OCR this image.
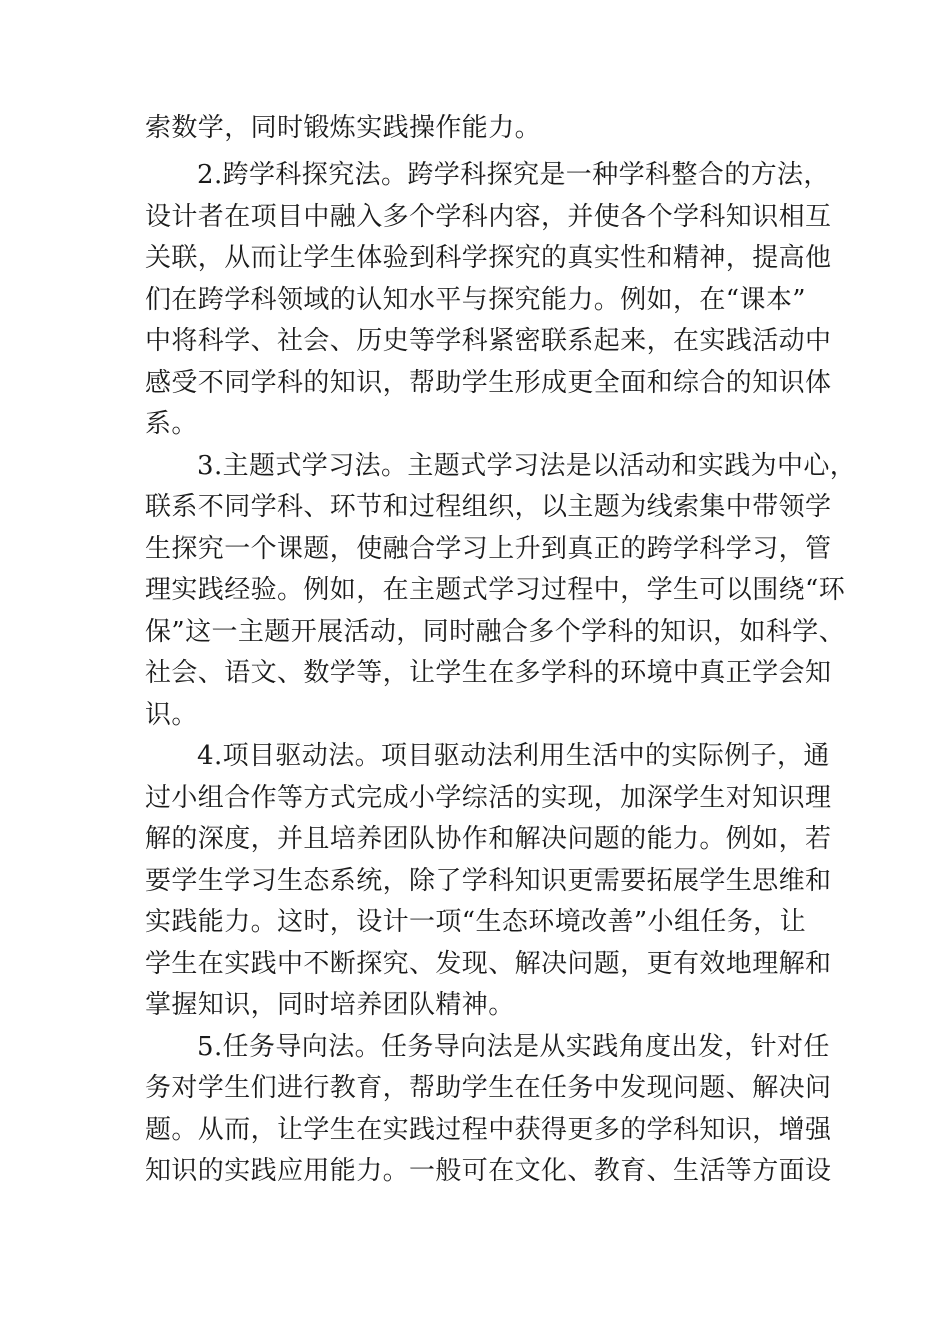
索数学，同时锻炼实践操作能力。
2.跨学科探究法。跨学科探究是一种学科整合的方法，
设计者在项目中融入多个学科内容，并使各个学科知识相互
关联，从而让学生体验到科学探究的真实性和精神，提高他
们在跨学科领域的认知水平与探究能力。例如，在“课本”
中将科学、社会、历史等学科紧密联系起来，在实践活动中
感受不同学科的知识，帮助学生形成更全面和综合的知识体
系。
3.主题式学习法。主题式学习法是以活动和实践为中心，
联系不同学科、环节和过程组织，以主题为线索集中带领学
生探究一个课题，使融合学习上升到真正的跨学科学习，管
理实践经验。例如，在主题式学习过程中，学生可以围绕“环
保”这一主题开展活动，同时融合多个学科的知识，如科学、
社会、语文、数学等，让学生在多学科的环境中真正学会知
识。
4.项目驱动法。项目驱动法利用生活中的实际例子，通
过小组合作等方式完成小学综活的实现，加深学生对知识理
解的深度，并且培养团队协作和解决问题的能力。例如，若
要学生学习生态系统，除了学科知识更需要拓展学生思维和
实践能力。这时，设计一项“生态环境改善”小组任务，让
学生在实践中不断探究、发现、解决问题，更有效地理解和
掌握知识，同时培养团队精神。
5.任务导向法。任务导向法是从实践角度出发，针对任
务对学生们进行教育，帮助学生在任务中发现问题、解决问
题。从而，让学生在实践过程中获得更多的学科知识，增强
知识的实践应用能力。一般可在文化、教育、生活等方面设
